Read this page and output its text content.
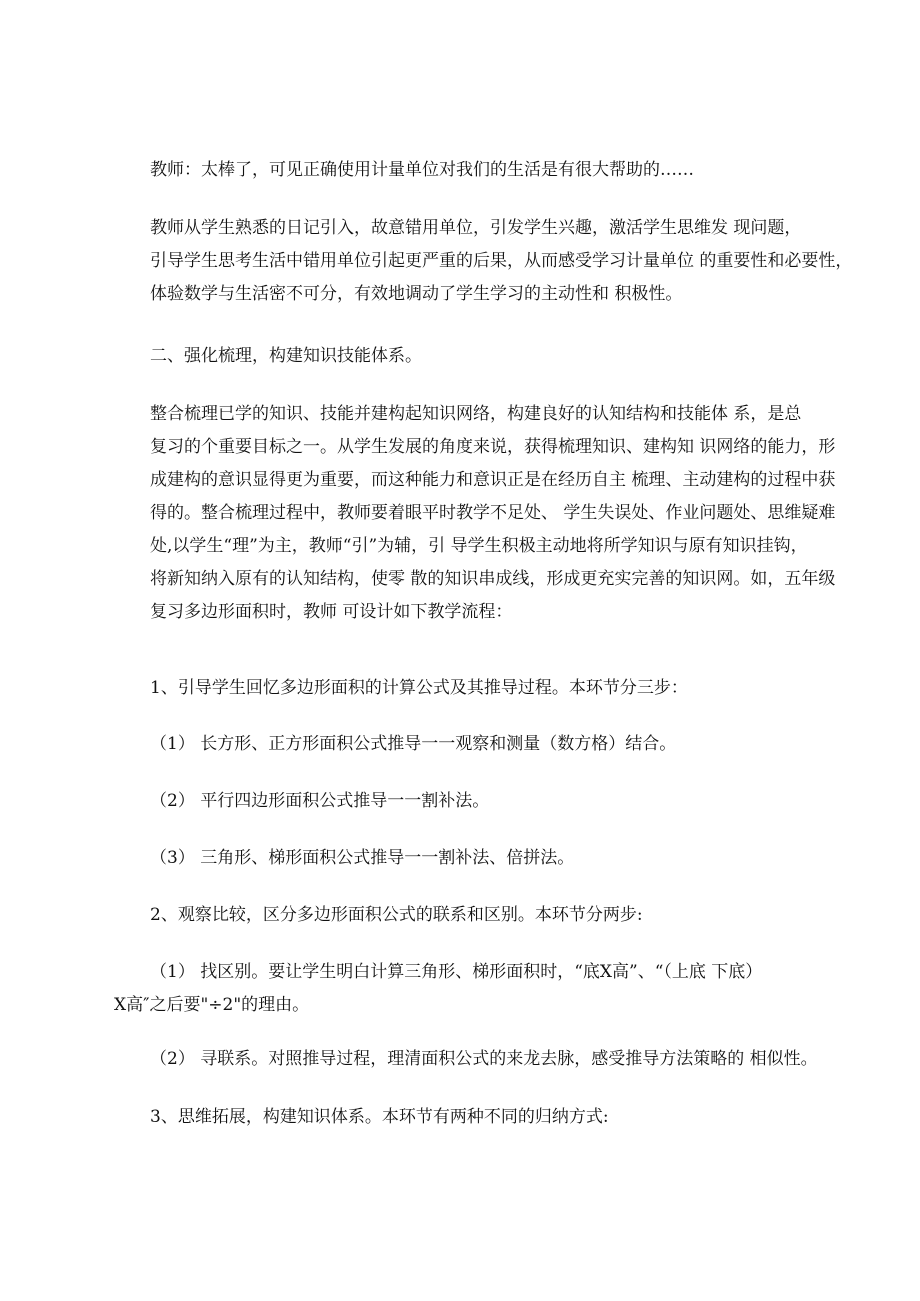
教师：太棒了，可见正确使用计量单位对我们的生活是有很大帮助的……

教师从学生熟悉的日记引入，故意错用单位，引发学生兴趣，激活学生思维发 现问题，
引导学生思考生活中错用单位引起更严重的后果，从而感受学习计量单位 的重要性和必要性，
体验数学与生活密不可分，有效地调动了学生学习的主动性和 积极性。

二、强化梳理，构建知识技能体系。

整合梳理已学的知识、技能并建构起知识网络，构建良好的认知结构和技能体 系，是总
复习的个重要目标之一。从学生发展的角度来说，获得梳理知识、建构知 识网络的能力，形
成建构的意识显得更为重要，而这种能力和意识正是在经历自主 梳理、主动建构的过程中获
得的。整合梳理过程中，教师要着眼平时教学不足处、 学生失误处、作业问题处、思维疑难
处,以学生“理”为主，教师“引”为辅，引 导学生积极主动地将所学知识与原有知识挂钩，
将新知纳入原有的认知结构，使零 散的知识串成线，形成更充实完善的知识网。如，五年级
复习多边形面积时，教师 可设计如下教学流程：

1、引导学生回忆多边形面积的计算公式及其推导过程。本环节分三步：

（1） 长方形、正方形面积公式推导一一观察和测量（数方格）结合。

（2） 平行四边形面积公式推导一一割补法。

（3） 三角形、梯形面积公式推导一一割补法、倍拼法。

2、观察比较，区分多边形面积公式的联系和区别。本环节分两步:

（1） 找区别。要让学生明白计算三角形、梯形面积时，“底X高”、“（上底 下底）
X高″之后要"÷2"的理由。

（2） 寻联系。对照推导过程，理清面积公式的来龙去脉，感受推导方法策略的 相似性。

3、思维拓展，构建知识体系。本环节有两种不同的归纳方式:
